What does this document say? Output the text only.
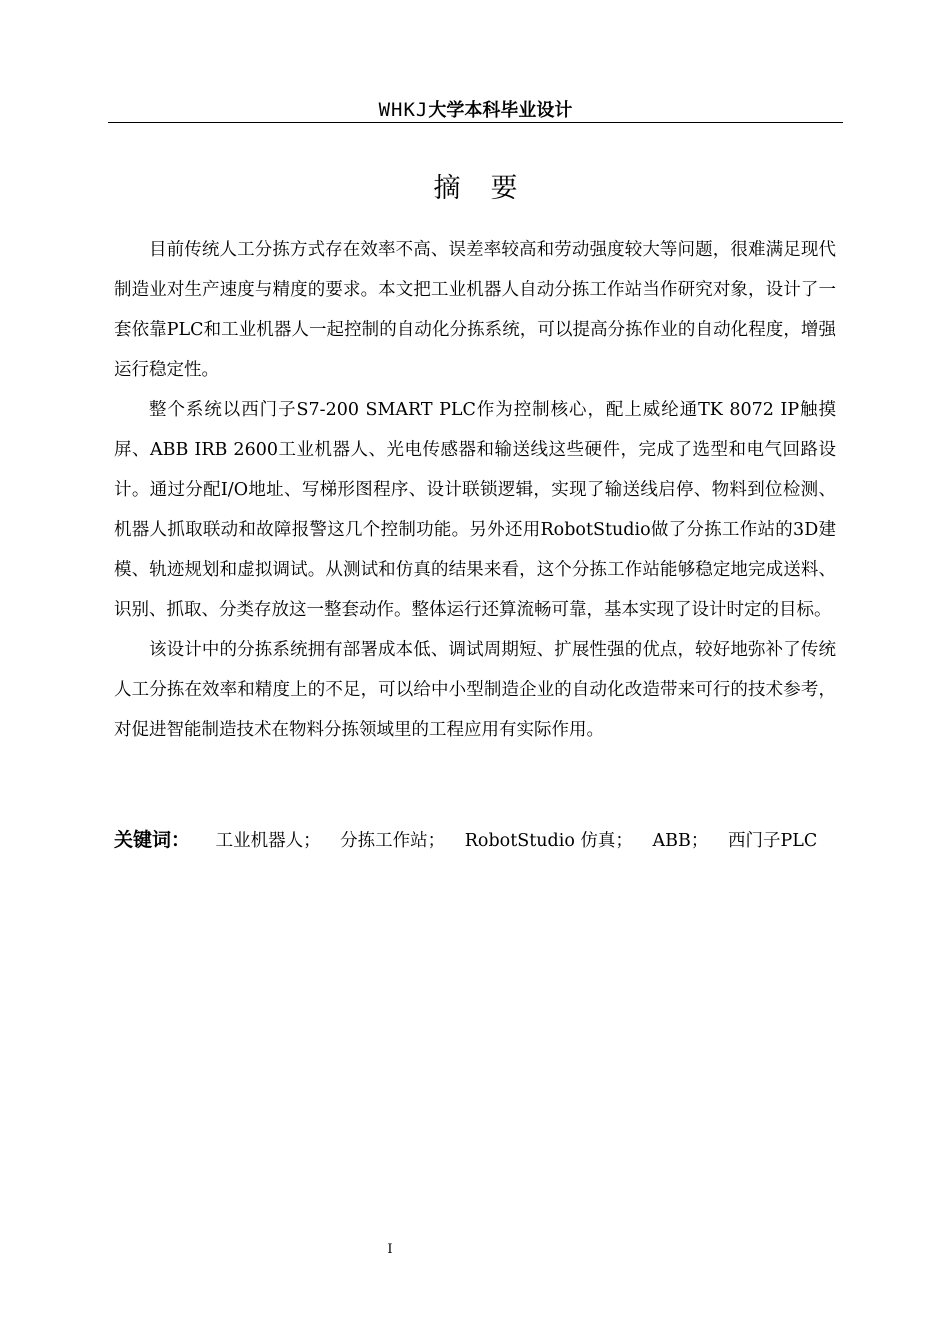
WHKJ大学本科毕业设计
摘要

目前传统人工分拣方式存在效率不高、误差率较高和劳动强度较大等问题，很难满足现代制造业对生产速度与精度的要求。本文把工业机器人自动分拣工作站当作研究对象，设计了一套依靠PLC和工业机器人一起控制的自动化分拣系统，可以提高分拣作业的自动化程度，增强运行稳定性。

整个系统以西门子S7-200 SMART PLC作为控制核心，配上威纶通TK 8072 IP触摸屏、ABB IRB 2600工业机器人、光电传感器和输送线这些硬件，完成了选型和电气回路设计。通过分配I/O地址、写梯形图程序、设计联锁逻辑，实现了输送线启停、物料到位检测、机器人抓取联动和故障报警这几个控制功能。另外还用RobotStudio做了分拣工作站的3D建模、轨迹规划和虚拟调试。从测试和仿真的结果来看，这个分拣工作站能够稳定地完成送料、识别、抓取、分类存放这一整套动作。整体运行还算流畅可靠，基本实现了设计时定的目标。

该设计中的分拣系统拥有部署成本低、调试周期短、扩展性强的优点，较好地弥补了传统人工分拣在效率和精度上的不足，可以给中小型制造企业的自动化改造带来可行的技术参考，对促进智能制造技术在物料分拣领域里的工程应用有实际作用。

关键词： 工业机器人； 分拣工作站； RobotStudio 仿真； ABB； 西门子PLC
I
